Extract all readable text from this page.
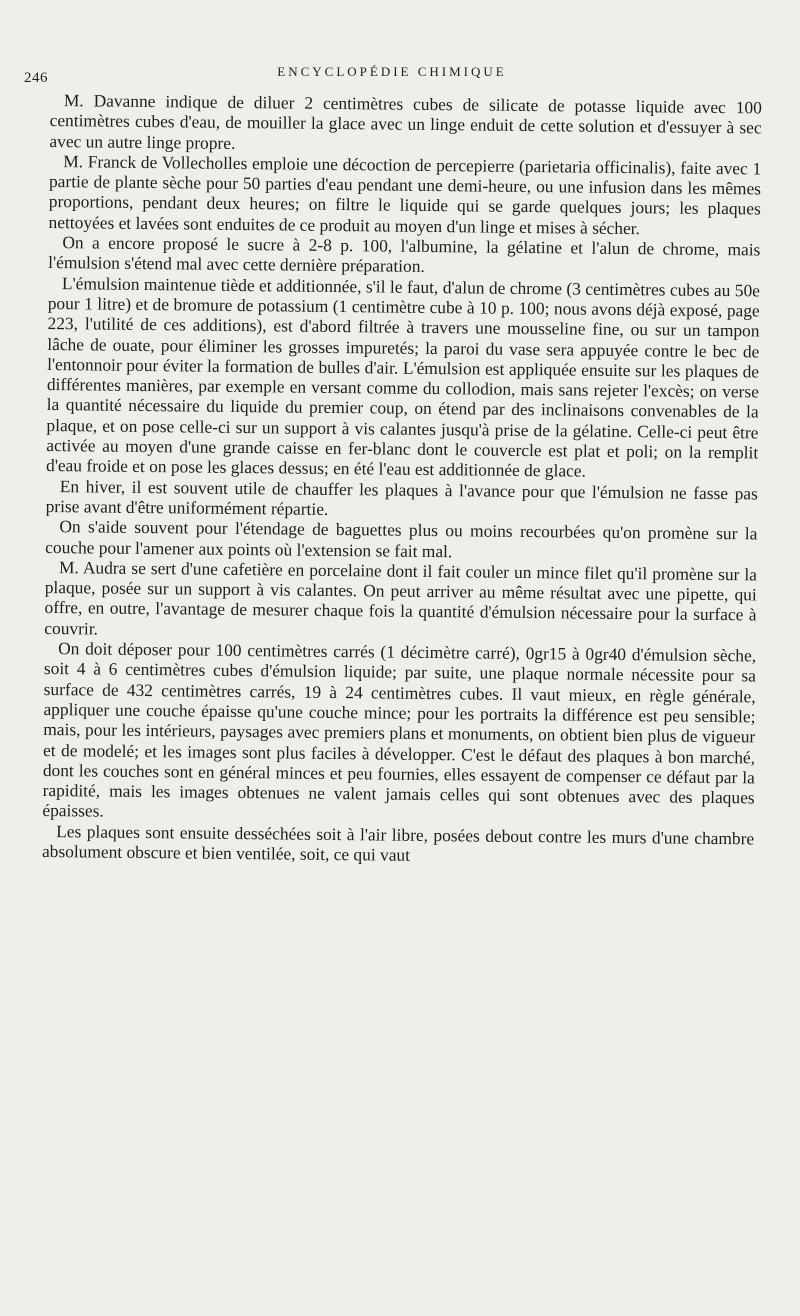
246	ENCYCLOPÉDIE CHIMIQUE

M. Davanne indique de diluer 2 centimètres cubes de silicate de potasse liquide avec 100 centimètres cubes d'eau, de mouiller la glace avec un linge enduit de cette solution et d'essuyer à sec avec un autre linge propre.

M. Franck de Vollecholles emploie une décoction de percepierre (parietaria officinalis), faite avec 1 partie de plante sèche pour 50 parties d'eau pendant une demi-heure, ou une infusion dans les mêmes proportions, pendant deux heures; on filtre le liquide qui se garde quelques jours; les plaques nettoyées et lavées sont enduites de ce produit au moyen d'un linge et mises à sécher.

On a encore proposé le sucre à 2-8 p. 100, l'albumine, la gélatine et l'alun de chrome, mais l'émulsion s'étend mal avec cette dernière préparation.

L'émulsion maintenue tiède et additionnée, s'il le faut, d'alun de chrome (3 centimètres cubes au 50e pour 1 litre) et de bromure de potassium (1 centimètre cube à 10 p. 100; nous avons déjà exposé, page 223, l'utilité de ces additions), est d'abord filtrée à travers une mousseline fine, ou sur un tampon lâche de ouate, pour éliminer les grosses impuretés; la paroi du vase sera appuyée contre le bec de l'entonnoir pour éviter la formation de bulles d'air. L'émulsion est appliquée ensuite sur les plaques de différentes manières, par exemple en versant comme du collodion, mais sans rejeter l'excès; on verse la quantité nécessaire du liquide du premier coup, on étend par des inclinaisons convenables de la plaque, et on pose celle-ci sur un support à vis calantes jusqu'à prise de la gélatine. Celle-ci peut être activée au moyen d'une grande caisse en fer-blanc dont le couvercle est plat et poli; on la remplit d'eau froide et on pose les glaces dessus; en été l'eau est additionnée de glace.

En hiver, il est souvent utile de chauffer les plaques à l'avance pour que l'émulsion ne fasse pas prise avant d'être uniformément répartie.

On s'aide souvent pour l'étendage de baguettes plus ou moins recourbées qu'on promène sur la couche pour l'amener aux points où l'extension se fait mal.

M. Audra se sert d'une cafetière en porcelaine dont il fait couler un mince filet qu'il promène sur la plaque, posée sur un support à vis calantes. On peut arriver au même résultat avec une pipette, qui offre, en outre, l'avantage de mesurer chaque fois la quantité d'émulsion nécessaire pour la surface à couvrir.

On doit déposer pour 100 centimètres carrés (1 décimètre carré), 0gr15 à 0gr40 d'émulsion sèche, soit 4 à 6 centimètres cubes d'émulsion liquide; par suite, une plaque normale nécessite pour sa surface de 432 centimètres carrés, 19 à 24 centimètres cubes. Il vaut mieux, en règle générale, appliquer une couche épaisse qu'une couche mince; pour les portraits la différence est peu sensible; mais, pour les intérieurs, paysages avec premiers plans et monuments, on obtient bien plus de vigueur et de modelé; et les images sont plus faciles à développer. C'est le défaut des plaques à bon marché, dont les couches sont en général minces et peu fournies, elles essayent de compenser ce défaut par la rapidité, mais les images obtenues ne valent jamais celles qui sont obtenues avec des plaques épaisses.

Les plaques sont ensuite desséchées soit à l'air libre, posées debout contre les murs d'une chambre absolument obscure et bien ventilée, soit, ce qui vaut
